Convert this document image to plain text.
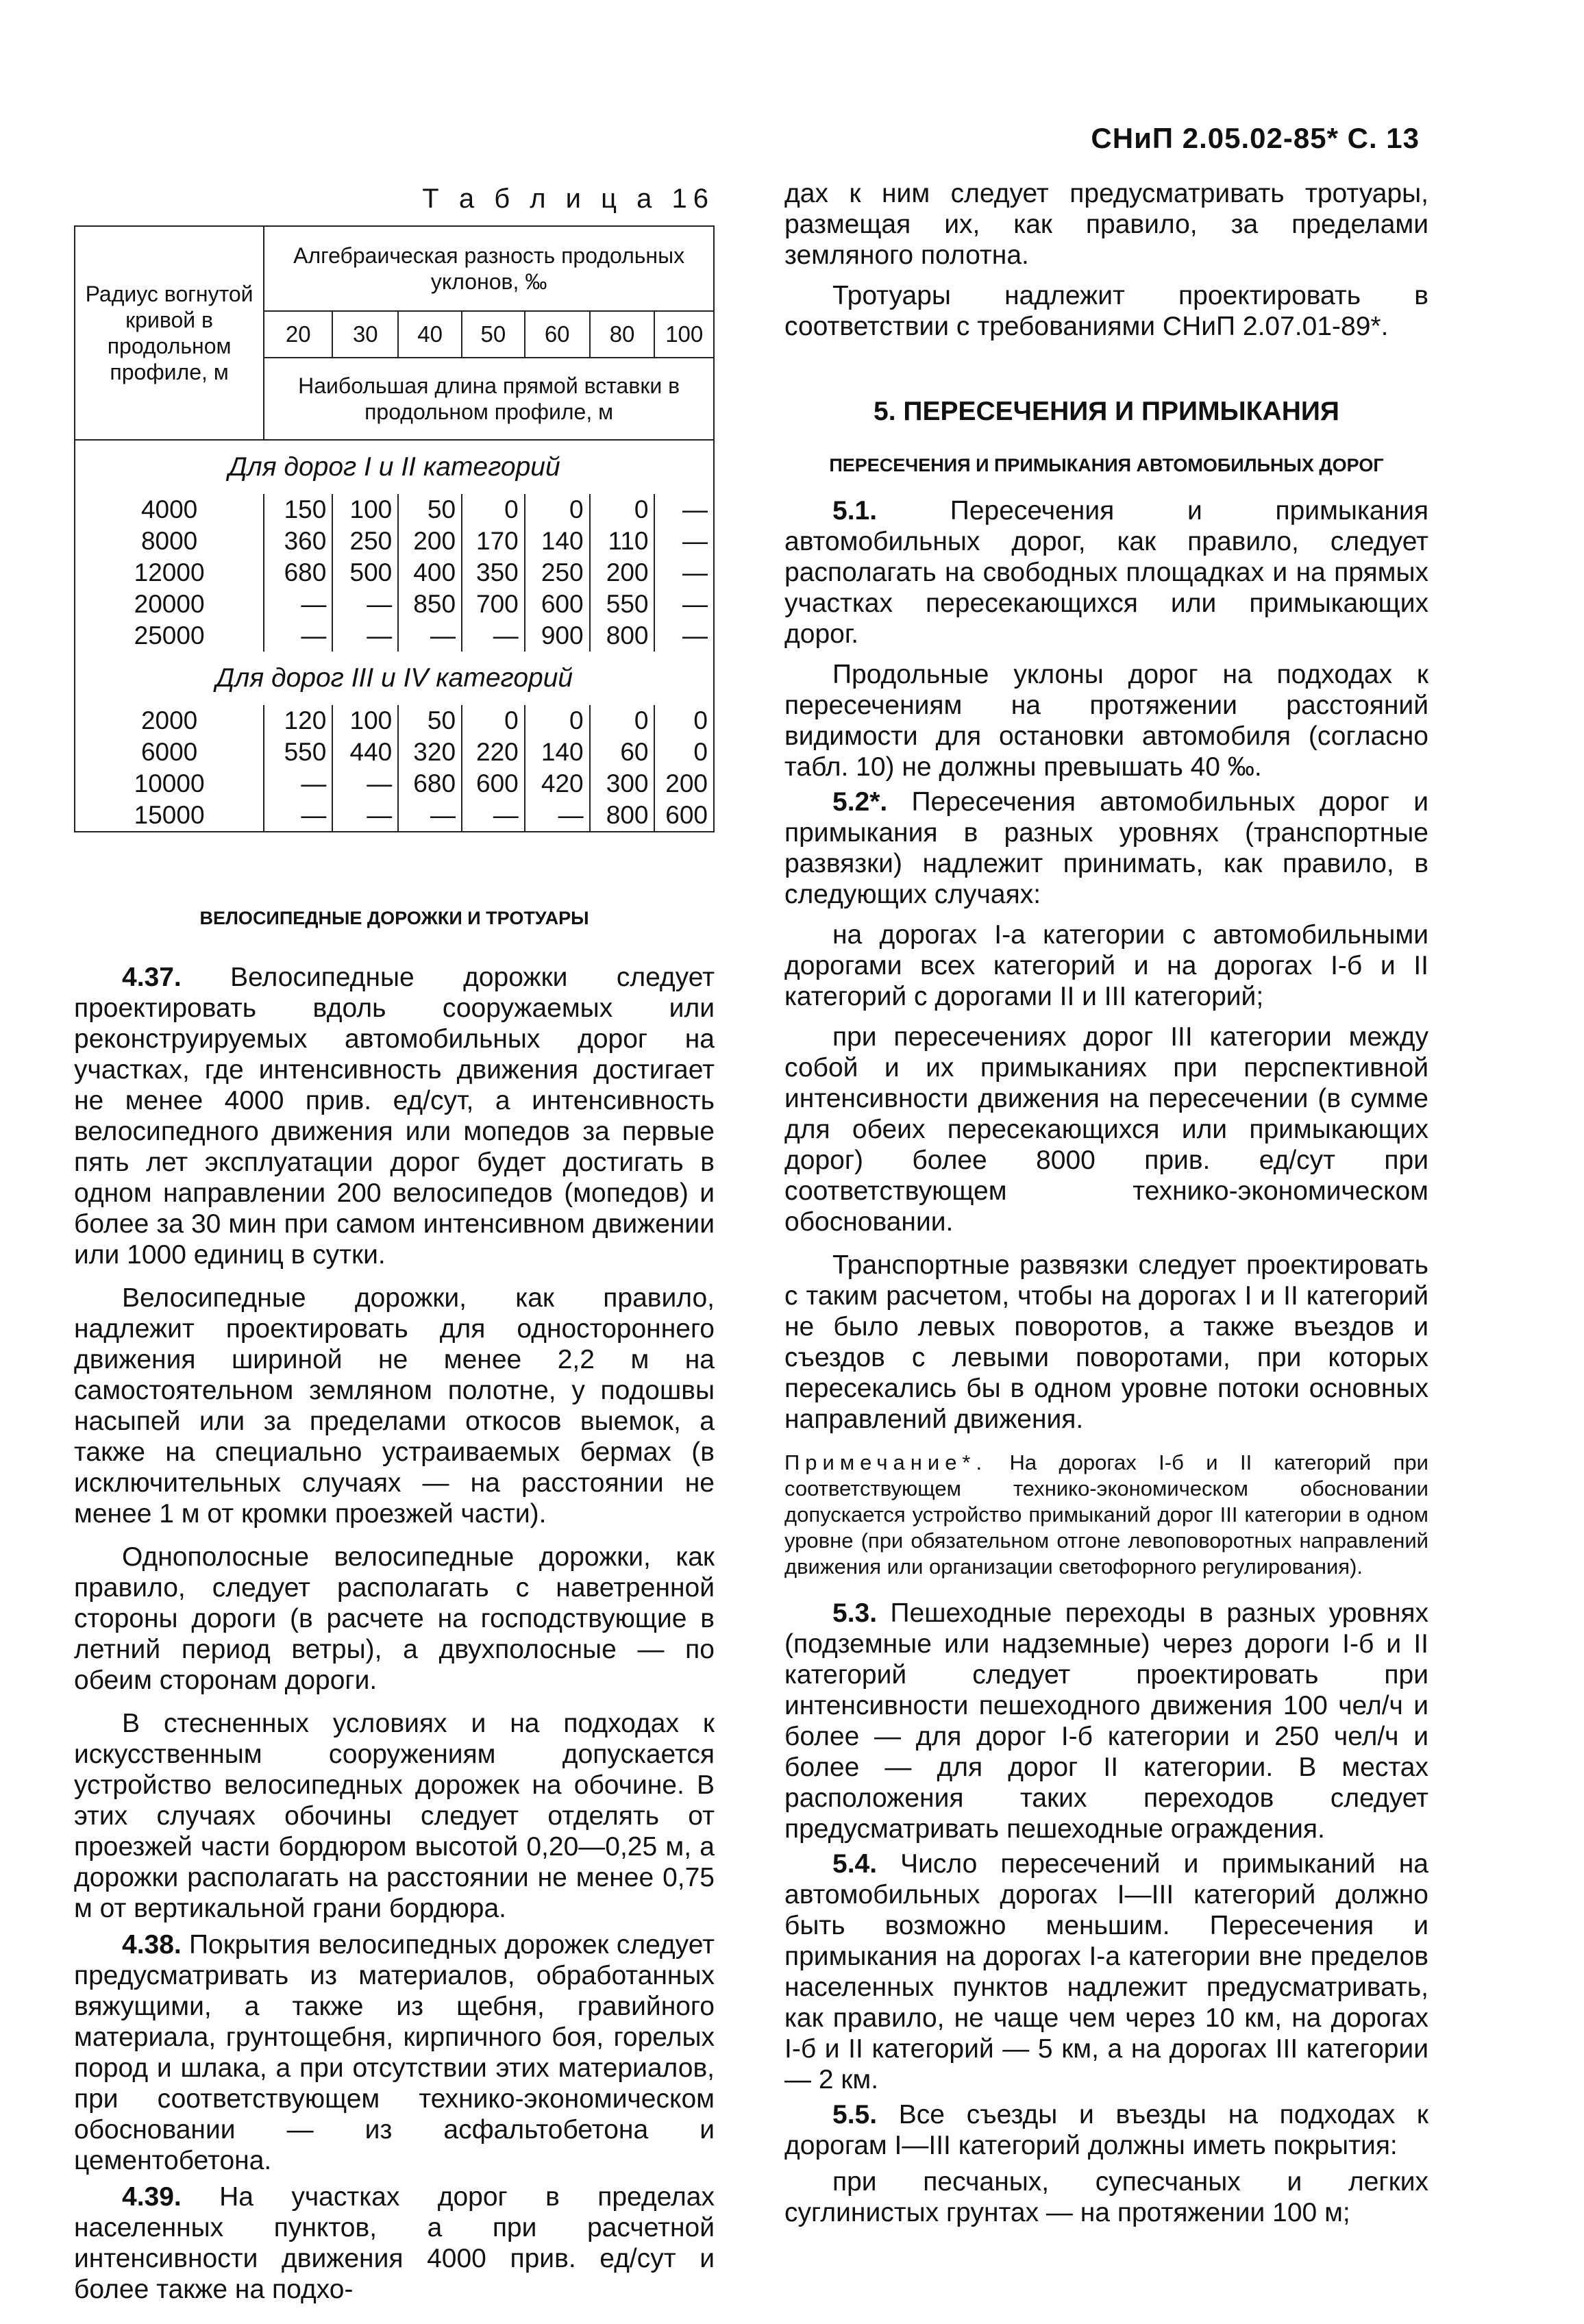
СНиП 2.05.02-85* С. 13
Т а б л и ц а 16
Радиус вогнутой кривой в продольном профиле, м	Алгебраическая разность продольных уклонов, ‰						
	20	30	40	50	60	80	100
	Наибольшая длина прямой вставки в продольном профиле, м						
Для дорог I и II категорий							
4000	150	100	50	0	0	0	—
8000	360	250	200	170	140	110	—
12000	680	500	400	350	250	200	—
20000	—	—	850	700	600	550	—
25000	—	—	—	—	900	800	—
Для дорог III и IV категорий							
2000	120	100	50	0	0	0	0
6000	550	440	320	220	140	60	0
10000	—	—	680	600	420	300	200
15000	—	—	—	—	—	800	600
ВЕЛОСИПЕДНЫЕ ДОРОЖКИ И ТРОТУАРЫ

4.37. Велосипедные дорожки следует проектировать вдоль сооружаемых или реконструируемых автомобильных дорог на участках, где интенсивность движения достигает не менее 4000 прив. ед/сут, а интенсивность велосипедного движения или мопедов за первые пять лет эксплуатации дорог будет достигать в одном направлении 200 велосипедов (мопедов) и более за 30 мин при самом интенсивном движении или 1000 единиц в сутки.

Велосипедные дорожки, как правило, надлежит проектировать для одностороннего движения шириной не менее 2,2 м на самостоятельном земляном полотне, у подошвы насыпей или за пределами откосов выемок, а также на специально устраиваемых бермах (в исключительных случаях — на расстоянии не менее 1 м от кромки проезжей части).

Однополосные велосипедные дорожки, как правило, следует располагать с наветренной стороны дороги (в расчете на господствующие в летний период ветры), а двухполосные — по обеим сторонам дороги.

В стесненных условиях и на подходах к искусственным сооружениям допускается устройство велосипедных дорожек на обочине. В этих случаях обочины следует отделять от проезжей части бордюром высотой 0,20—0,25 м, а дорожки располагать на расстоянии не менее 0,75 м от вертикальной грани бордюра.

4.38. Покрытия велосипедных дорожек следует предусматривать из материалов, обработанных вяжущими, а также из щебня, гравийного материала, грунтощебня, кирпичного боя, горелых пород и шлака, а при отсутствии этих материалов, при соответствующем технико-экономическом обосновании — из асфальтобетона и цементобетона.

4.39. На участках дорог в пределах населенных пунктов, а при расчетной интенсивности движения 4000 прив. ед/сут и более также на подхо-

дах к ним следует предусматривать тротуары, размещая их, как правило, за пределами земляного полотна.

Тротуары надлежит проектировать в соответствии с требованиями СНиП 2.07.01-89*.

5. ПЕРЕСЕЧЕНИЯ И ПРИМЫКАНИЯ
ПЕРЕСЕЧЕНИЯ И ПРИМЫКАНИЯ АВТОМОБИЛЬНЫХ ДОРОГ

5.1. Пересечения и примыкания автомобильных дорог, как правило, следует располагать на свободных площадках и на прямых участках пересекающихся или примыкающих дорог.

Продольные уклоны дорог на подходах к пересечениям на протяжении расстояний видимости для остановки автомобиля (согласно табл. 10) не должны превышать 40 ‰.

5.2*. Пересечения автомобильных дорог и примыкания в разных уровнях (транспортные развязки) надлежит принимать, как правило, в следующих случаях:

на дорогах I-а категории с автомобильными дорогами всех категорий и на дорогах I-б и II категорий с дорогами II и III категорий;

при пересечениях дорог III категории между собой и их примыканиях при перспективной интенсивности движения на пересечении (в сумме для обеих пересекающихся или примыкающих дорог) более 8000 прив. ед/сут при соответствующем технико-экономическом обосновании.

Транспортные развязки следует проектировать с таким расчетом, чтобы на дорогах I и II категорий не было левых поворотов, а также въездов и съездов с левыми поворотами, при которых пересекались бы в одном уровне потоки основных направлений движения.

Примечание*. На дорогах I-б и II категорий при соответствующем технико-экономическом обосновании допускается устройство примыканий дорог III категории в одном уровне (при обязательном отгоне левоповоротных направлений движения или организации светофорного регулирования).

5.3. Пешеходные переходы в разных уровнях (подземные или надземные) через дороги I-б и II категорий следует проектировать при интенсивности пешеходного движения 100 чел/ч и более — для дорог I-б категории и 250 чел/ч и более — для дорог II категории. В местах расположения таких переходов следует предусматривать пешеходные ограждения.

5.4. Число пересечений и примыканий на автомобильных дорогах I—III категорий должно быть возможно меньшим. Пересечения и примыкания на дорогах I-а категории вне пределов населенных пунктов надлежит предусматривать, как правило, не чаще чем через 10 км, на дорогах I-б и II категорий — 5 км, а на дорогах III категории — 2 км.

5.5. Все съезды и въезды на подходах к дорогам I—III категорий должны иметь покрытия:

при песчаных, супесчаных и легких суглинистых грунтах — на протяжении 100 м;
